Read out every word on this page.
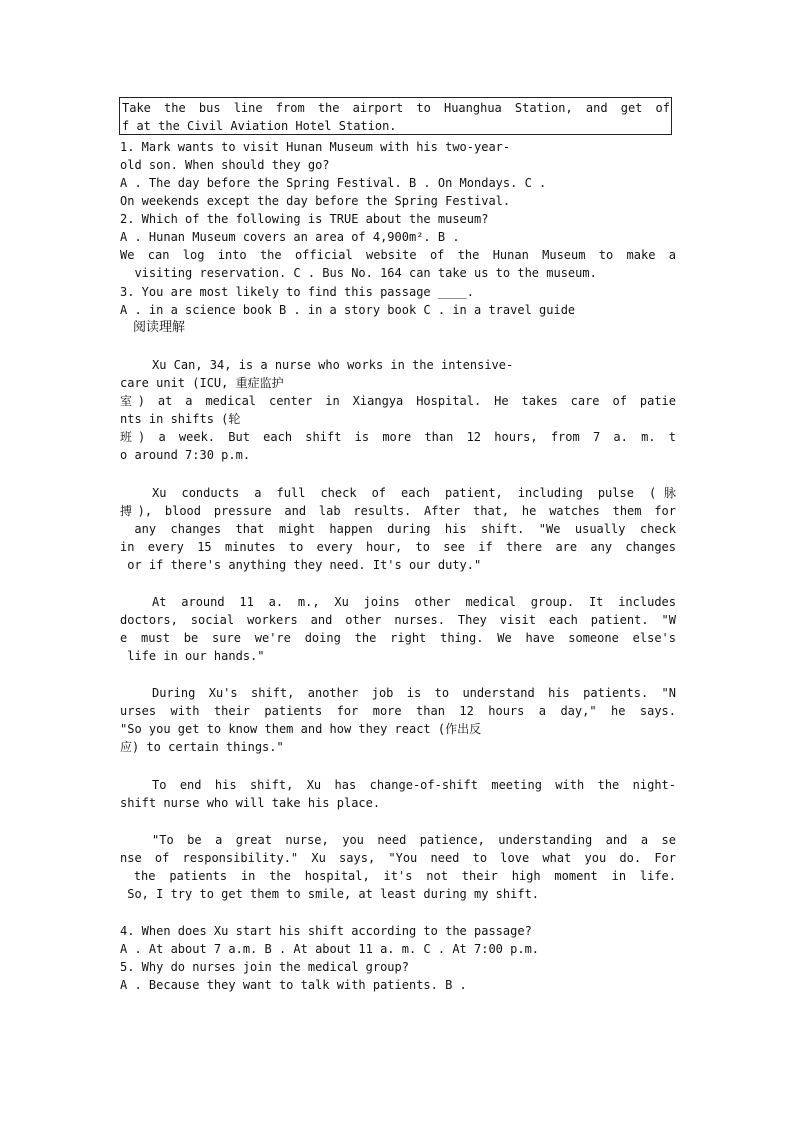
Take the bus line from the airport to Huanghua Station, and get of
f at the Civil Aviation Hotel Station.
1. Mark wants to visit Hunan Museum with his two-year-
old son. When should they go?
A . The day before the Spring Festival. B . On Mondays. C .
On weekends except the day before the Spring Festival.
2. Which of the following is TRUE about the museum?
A . Hunan Museum covers an area of 4,900m². B .
We can log into the official website of the Hunan Museum to make a
visiting reservation. C . Bus No. 164 can take us to the museum.
3. You are most likely to find this passage ____.
A . in a science book B . in a story book C . in a travel guide
阅读理解
Xu Can, 34, is a nurse who works in the intensive-
care unit (ICU, 重症监护
室) at a medical center in Xiangya Hospital. He takes care of patie
nts in shifts (轮
班) a week. But each shift is more than 12 hours, from 7 a. m. t
o around 7:30 p.m.
Xu conducts a full check of each patient, including pulse (脉
搏), blood pressure and lab results. After that, he watches them for
any changes that might happen during his shift. "We usually check
in every 15 minutes to every hour, to see if there are any changes
or if there's anything they need. It's our duty."
At around 11 a. m., Xu joins other medical group. It includes
doctors, social workers and other nurses. They visit each patient. "W
e must be sure we're doing the right thing. We have someone else's
life in our hands."
During Xu's shift, another job is to understand his patients. "N
urses with their patients for more than 12 hours a day," he says.
"So you get to know them and how they react (作出反
应) to certain things."
To end his shift, Xu has change-of-shift meeting with the night-
shift nurse who will take his place.
"To be a great nurse, you need patience, understanding and a se
nse of responsibility." Xu says, "You need to love what you do. For
the patients in the hospital, it's not their high moment in life.
So, I try to get them to smile, at least during my shift.
4. When does Xu start his shift according to the passage?
A . At about 7 a.m. B . At about 11 a. m. C . At 7:00 p.m.
5. Why do nurses join the medical group?
A . Because they want to talk with patients. B .
